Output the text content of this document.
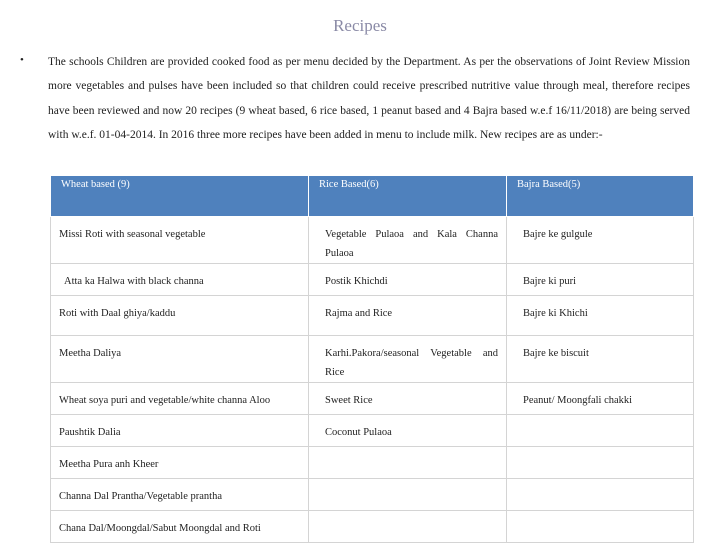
Recipes
• The schools Children are provided cooked food as per menu decided by the Department. As per the observations of Joint Review Mission more vegetables and pulses have been included so that children could receive prescribed nutritive value through meal, therefore recipes have been reviewed and now 20 recipes (9 wheat based, 6 rice based, 1 peanut based and 4 Bajra based w.e.f 16/11/2018) are being served with w.e.f. 01-04-2014. In 2016 three more recipes have been added in menu to include milk. New recipes are as under:-
Wheat based (9)	Rice Based(6)	Bajra Based(5)
Missi Roti with seasonal vegetable	Vegetable Pulaoa and Kala Channa Pulaoa	Bajre ke gulgule
Atta ka Halwa with black channa	Postik Khichdi	Bajre ki puri
Roti with Daal ghiya/kaddu	Rajma and Rice	Bajre ki Khichi
Meetha Daliya	Karhi.Pakora/seasonal Vegetable and Rice	Bajre ke biscuit
Wheat soya puri and vegetable/white channa Aloo	Sweet Rice	Peanut/ Moongfali chakki
Paushtik Dalia	Coconut Pulaoa	
Meetha Pura anh Kheer		
Channa Dal Prantha/Vegetable prantha		
Chana Dal/Moongdal/Sabut Moongdal and Roti		
